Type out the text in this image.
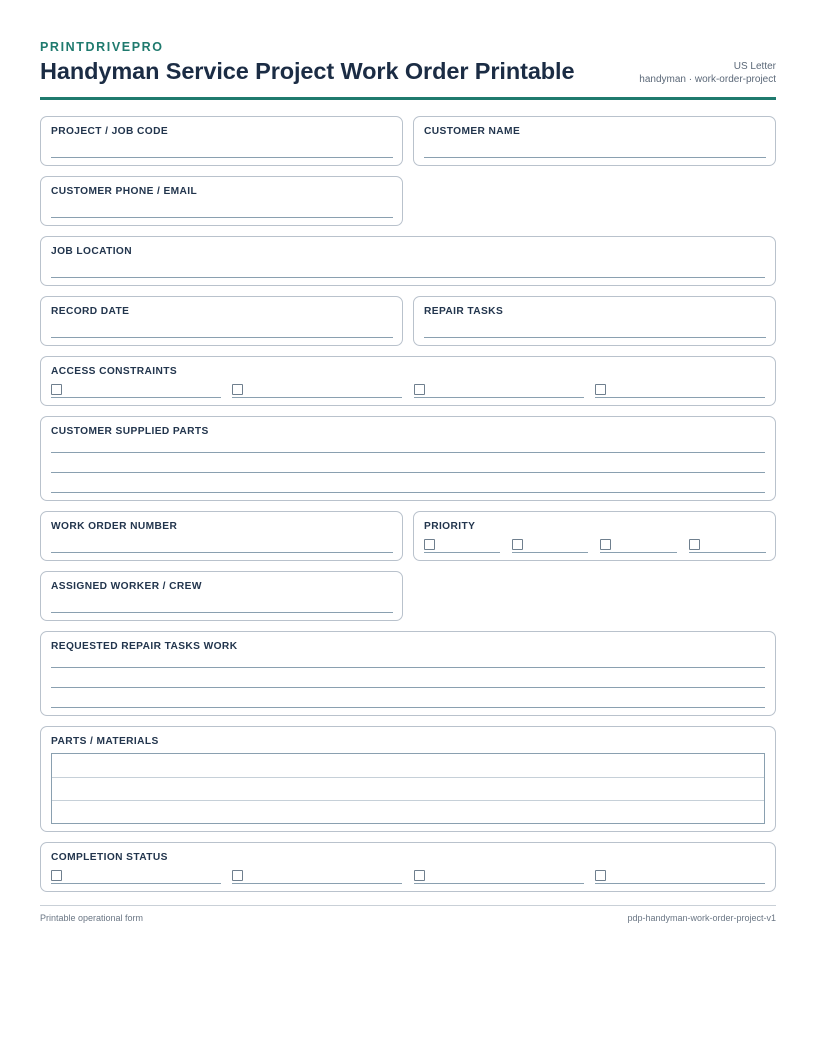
PRINTDRIVEPRO
Handyman Service Project Work Order Printable	US Letter
handyman · work-order-project
PROJECT / JOB CODE	CUSTOMER NAME
CUSTOMER PHONE / EMAIL
JOB LOCATION
RECORD DATE	REPAIR TASKS
ACCESS CONSTRAINTS
CUSTOMER SUPPLIED PARTS
WORK ORDER NUMBER	PRIORITY
ASSIGNED WORKER / CREW
REQUESTED REPAIR TASKS WORK
PARTS / MATERIALS
COMPLETION STATUS
Printable operational form	pdp-handyman-work-order-project-v1
